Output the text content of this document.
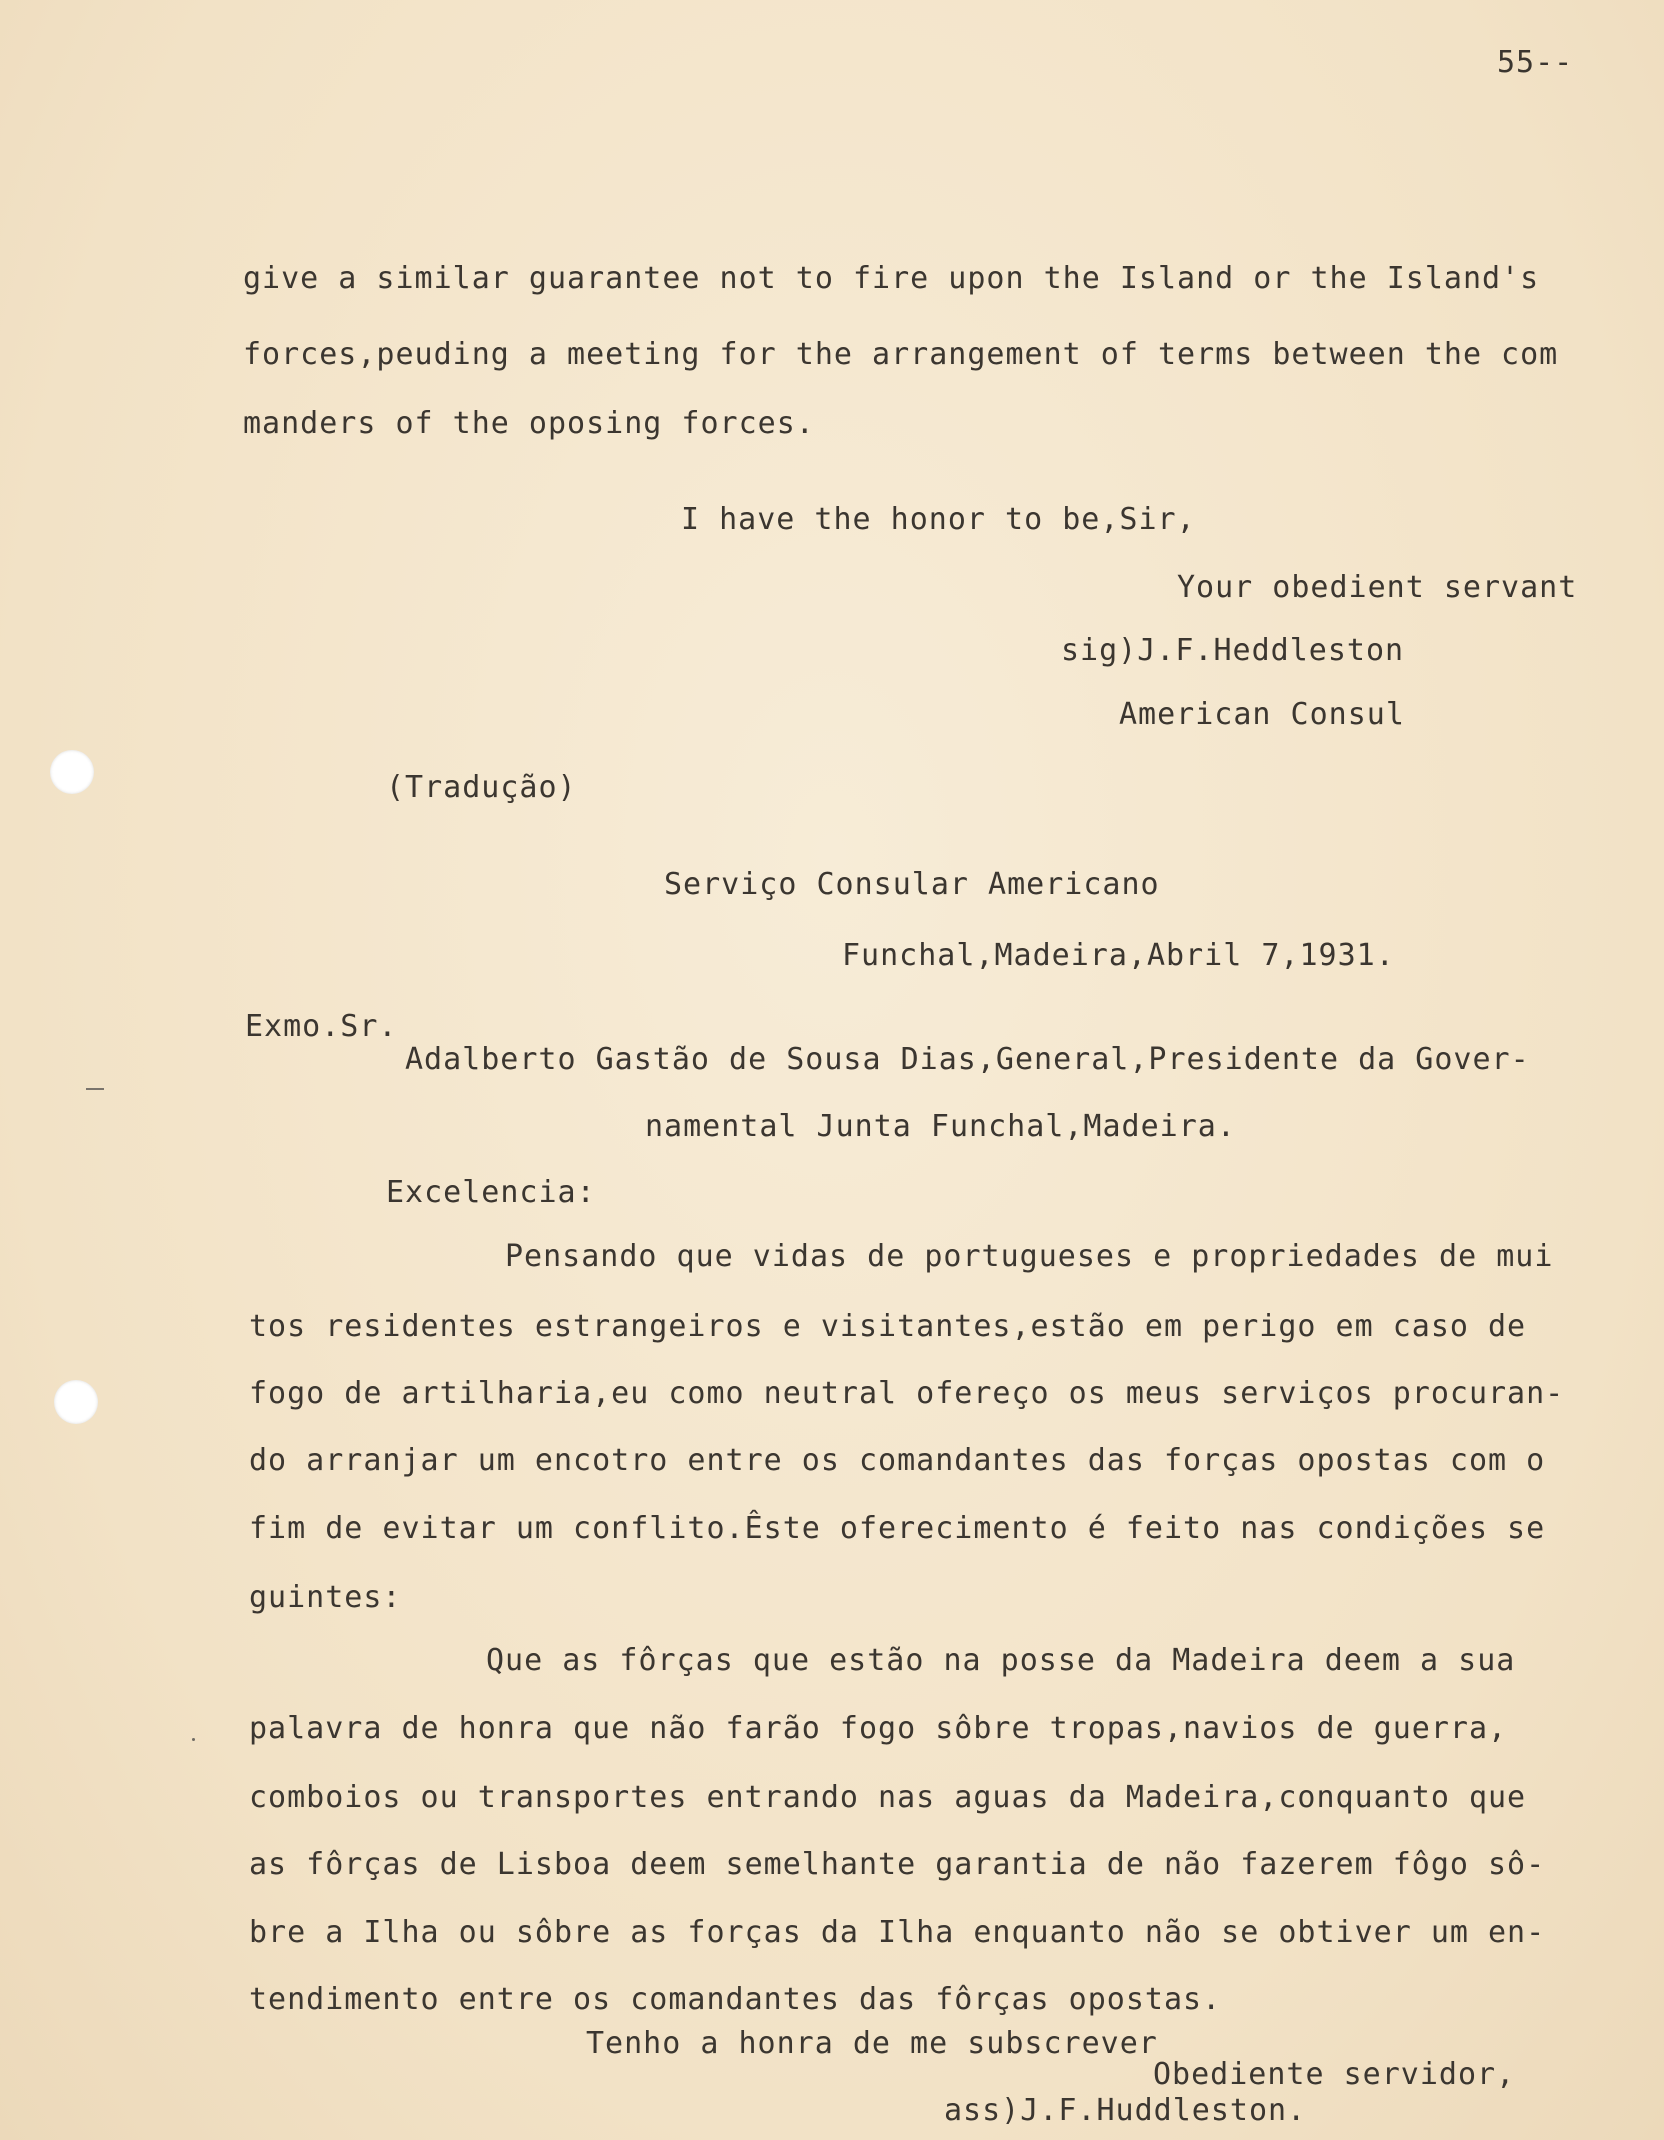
55--

give a similar guarantee not to fire upon the Island or the Island's

forces,peuding a meeting for the arrangement of terms between the com

manders of the oposing forces.

I have the honor to be,Sir,

Your obedient servant

sig)J.F.Heddleston

American Consul

(Tradução)

Serviço Consular Americano

Funchal,Madeira,Abril 7,1931.

Exmo.Sr.

Adalberto Gastão de Sousa Dias,General,Presidente da Gover-

namental Junta Funchal,Madeira.

Excelencia:

Pensando que vidas de portugueses e propriedades de mui

tos residentes estrangeiros e visitantes,estão em perigo em caso de

fogo de artilharia,eu como neutral ofereço os meus serviços procuran-

do arranjar um encotro entre os comandantes das forças opostas com o

fim de evitar um conflito.Êste oferecimento é feito nas condições se

guintes:

Que as fôrças que estão na posse da Madeira deem a sua

palavra de honra que não farão fogo sôbre tropas,navios de guerra,

comboios ou transportes entrando nas aguas da Madeira,conquanto que

as fôrças de Lisboa deem semelhante garantia de não fazerem fôgo sô-

bre a Ilha ou sôbre as forças da Ilha enquanto não se obtiver um en-

tendimento entre os comandantes das fôrças opostas.

Tenho a honra de me subscrever

Obediente servidor,

ass)J.F.Huddleston.
